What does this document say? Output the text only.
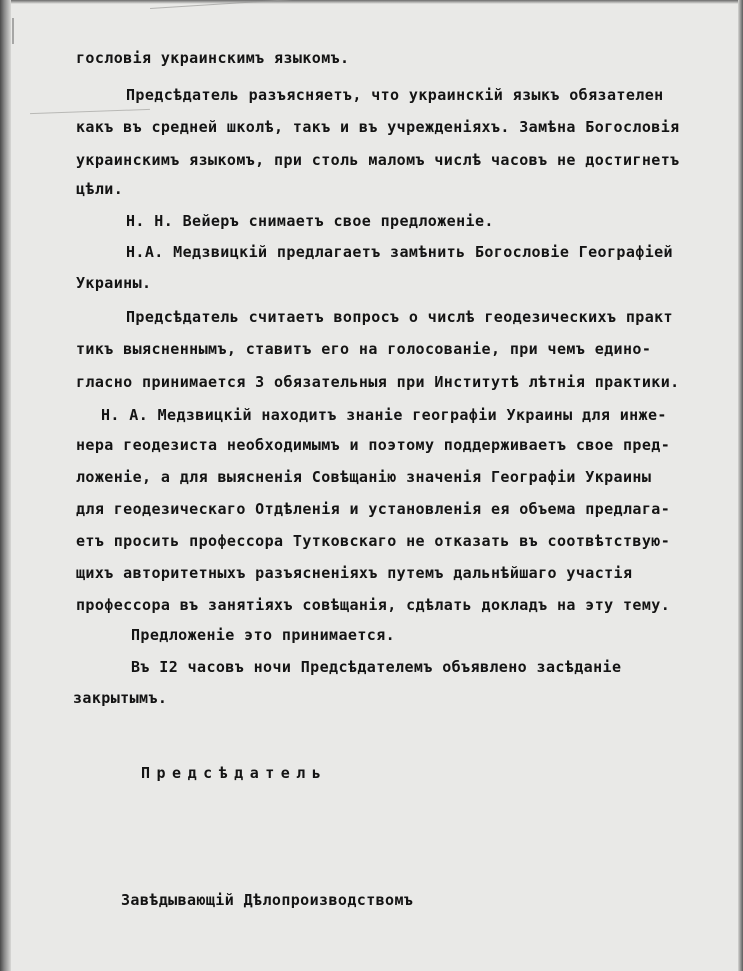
гословія украинскимъ языкомъ.
Предсѣдатель разъясняетъ, что украинскій языкъ обязателен
какъ въ средней школѣ, такъ и въ учрежденіяхъ. Замѣна Богословія
украинскимъ языкомъ, при столь маломъ числѣ часовъ не достигнетъ
цѣли.
Н. Н. Вейеръ снимаетъ свое предложеніе.
Н.А. Медзвицкій предлагаетъ замѣнить Богословіе Географіей
Украины.
Предсѣдатель считаетъ вопросъ о числѣ геодезическихъ практ
тикъ выясненнымъ, ставитъ его на голосованіе, при чемъ едино-
гласно принимается 3 обязательныя при Институтѣ лѣтнія практики.
Н. А. Медзвицкій находитъ знаніе географіи Украины для инже-
нера геодезиста необходимымъ и поэтому поддерживаетъ свое пред-
ложеніе, а для выясненія Совѣщанію значенія Географіи Украины
для геодезическаго Отдѣленія и установленія ея объема предлага-
етъ просить профессора Тутковскаго не отказать въ соотвѣтствую-
щихъ авторитетныхъ разъясненіяхъ путемъ дальнѣйшаго участія
профессора въ занятіяхъ совѣщанія, сдѣлать докладъ на эту тему.
Предложеніе это принимается.
Въ I2 часовъ ночи Предсѣдателемъ объявлено засѣданіе
закрытымъ.
Предсѣдатель
Завѣдывающій Дѣлопроизводствомъ
